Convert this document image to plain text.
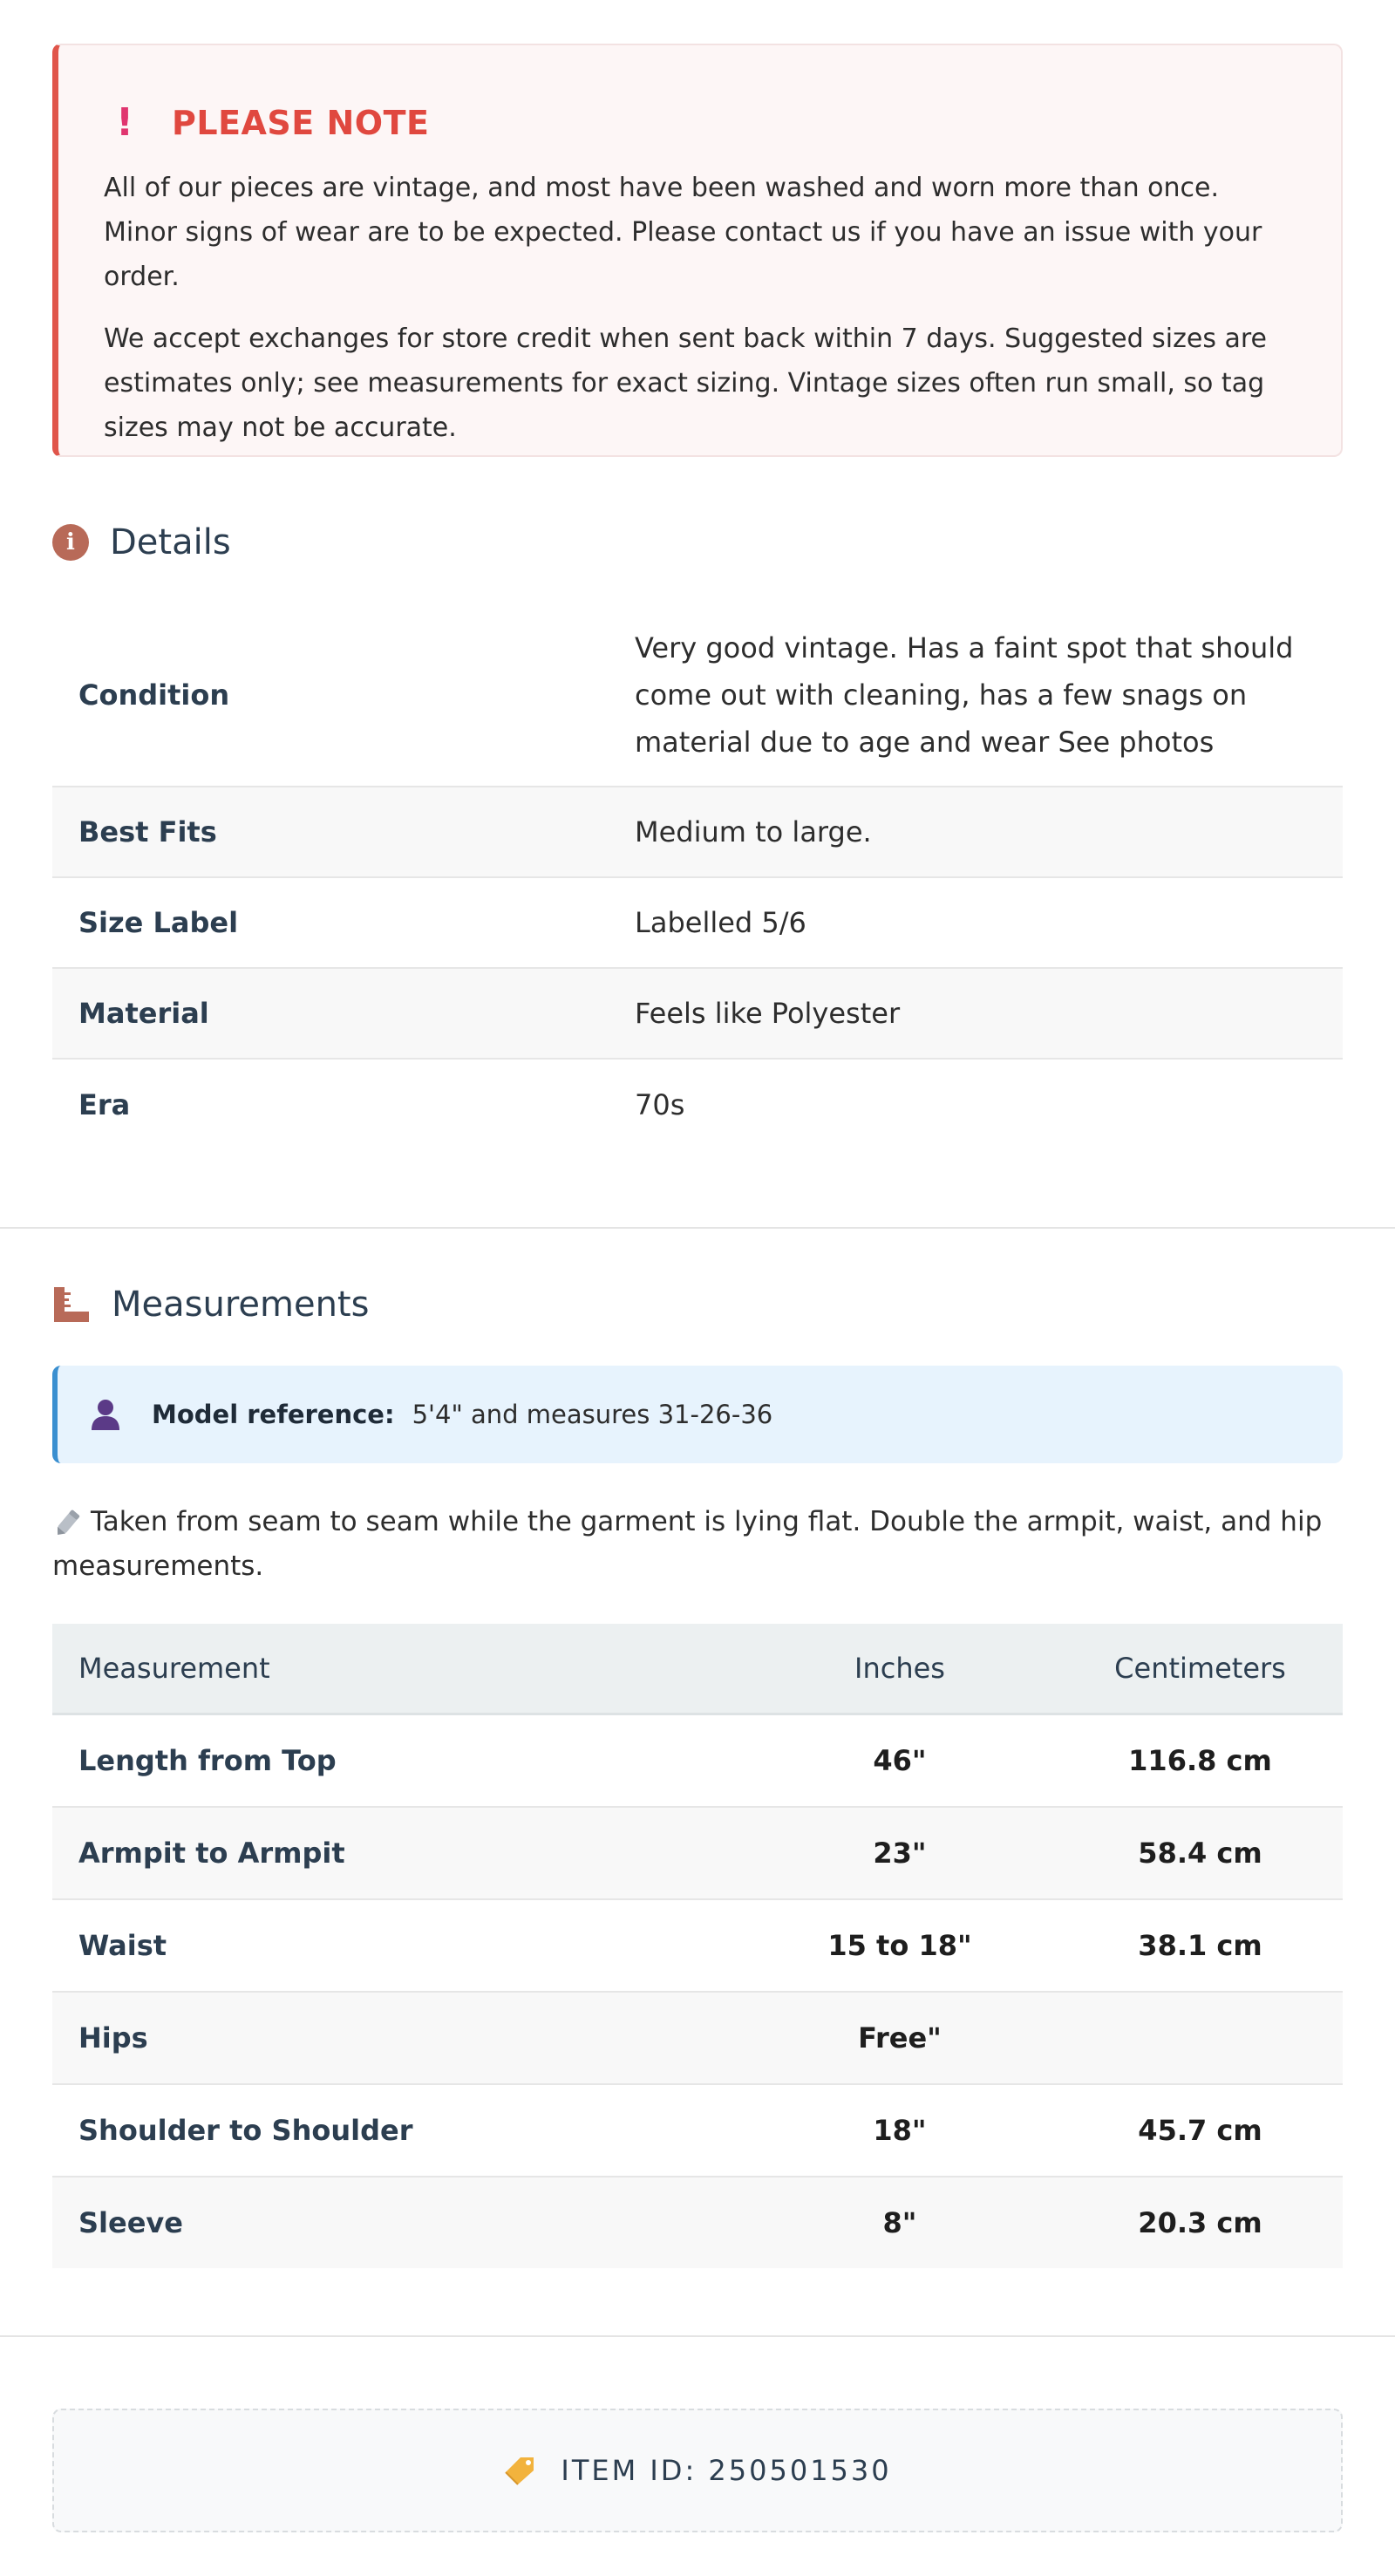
! PLEASE NOTE

All of our pieces are vintage, and most have been washed and worn more than once. Minor signs of wear are to be expected. Please contact us if you have an issue with your order.

We accept exchanges for store credit when sent back within 7 days. Suggested sizes are estimates only; see measurements for exact sizing. Vintage sizes often run small, so tag sizes may not be accurate.

i	Details
Condition	Very good vintage. Has a faint spot that should come out with cleaning, has a few snags on material due to age and wear See photos
Best Fits	Medium to large.
Size Label	Labelled 5/6
Material	Feels like Polyester
Era	70s
Measurements
Model reference: 5'4" and measures 31-26-36
Taken from seam to seam while the garment is lying flat. Double the armpit, waist, and hip measurements.
Measurement	Inches	Centimeters
Length from Top	46"	116.8 cm
Armpit to Armpit	23"	58.4 cm
Waist	15 to 18"	38.1 cm
Hips	Free"	
Shoulder to Shoulder	18"	45.7 cm
Sleeve	8"	20.3 cm
ITEM ID: 250501530
